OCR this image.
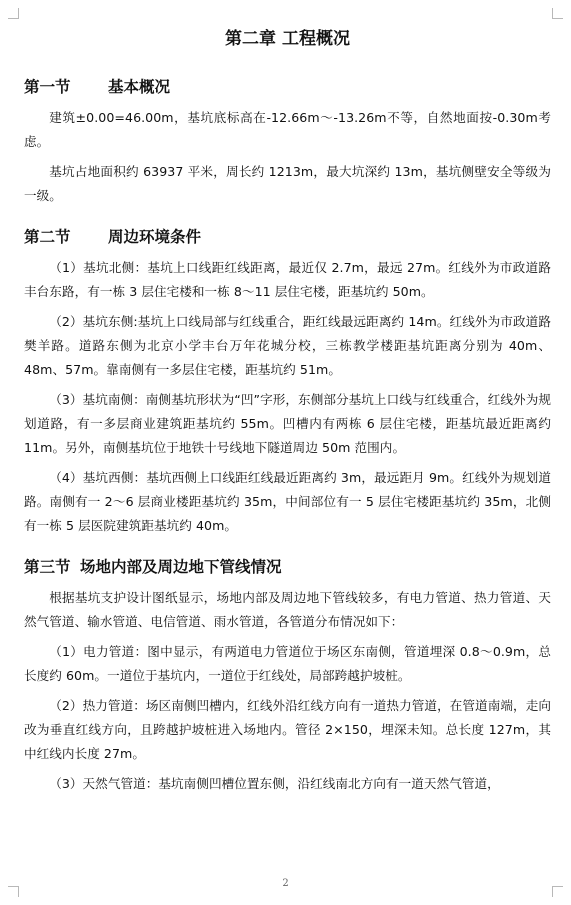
第二章 工程概况
第一节 基本概况

建筑±0.00=46.00m，基坑底标高在-12.66m～-13.26m不等，自然地面按-0.30m考虑。

基坑占地面积约 63937 平米，周长约 1213m，最大坑深约 13m，基坑侧壁安全等级为一级。

第二节 周边环境条件

（1）基坑北侧：基坑上口线距红线距离，最近仅 2.7m，最远 27m。红线外为市政道路丰台东路，有一栋 3 层住宅楼和一栋 8～11 层住宅楼，距基坑约 50m。

（2）基坑东侧:基坑上口线局部与红线重合，距红线最远距离约 14m。红线外为市政道路樊羊路。道路东侧为北京小学丰台万年花城分校，三栋教学楼距基坑距离分别为 40m、48m、57m。靠南侧有一多层住宅楼，距基坑约 51m。

（3）基坑南侧：南侧基坑形状为“凹”字形，东侧部分基坑上口线与红线重合，红线外为规划道路，有一多层商业建筑距基坑约 55m。凹槽内有两栋 6 层住宅楼，距基坑最近距离约 11m。另外，南侧基坑位于地铁十号线地下隧道周边 50m 范围内。

（4）基坑西侧：基坑西侧上口线距红线最近距离约 3m，最远距月 9m。红线外为规划道路。南侧有一 2～6 层商业楼距基坑约 35m，中间部位有一 5 层住宅楼距基坑约 35m，北侧有一栋 5 层医院建筑距基坑约 40m。

第三节 场地内部及周边地下管线情况

根据基坑支护设计图纸显示，场地内部及周边地下管线较多，有电力管道、热力管道、天然气管道、输水管道、电信管道、雨水管道，各管道分布情况如下：

（1）电力管道：图中显示，有两道电力管道位于场区东南侧，管道埋深 0.8～0.9m，总长度约 60m。一道位于基坑内，一道位于红线处，局部跨越护坡桩。

（2）热力管道：场区南侧凹槽内，红线外沿红线方向有一道热力管道，在管道南端，走向改为垂直红线方向，且跨越护坡桩进入场地内。管径 2×150，埋深未知。总长度 127m，其中红线内长度 27m。

（3）天然气管道：基坑南侧凹槽位置东侧，沿红线南北方向有一道天然气管道，

2
